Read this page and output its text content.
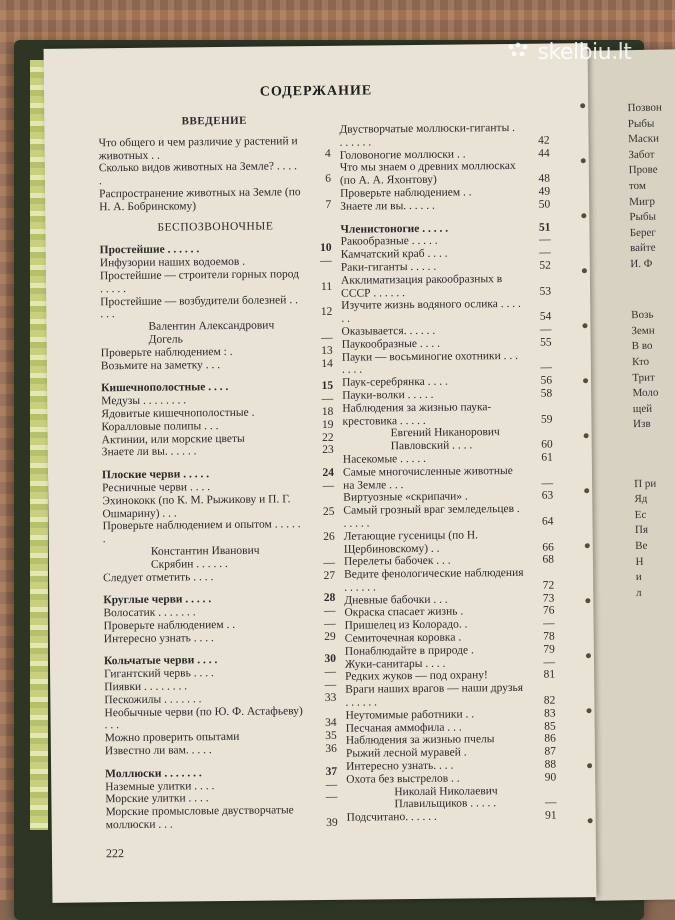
Позвон
Рыбы
Маски
Забот
Прове
том
Мигр
Рыбы
Берег
вайте
И. Ф
Возь
Земн
В во
Кто
Трит
Моло
щей
Изв
П ри
Яд
Ес
Пя
Ве
Н
и
л
СОДЕРЖАНИЕ
ВВЕДЕНИЕ
Что общего и чем различие у растений и животных . .	4
Сколько видов животных на Земле? . . . . .	6
Распространение животных на Земле (по Н. А. Бобринскому)	7
БЕСПОЗВОНОЧНЫЕ
Простейшие . . . . . .	10
Инфузории наших водоемов .	—
Простейшие — строители горных пород . . . . .	11
Простейшие — возбудители болезней . . . . .	12
Валентин Александрович Догель	—
Проверьте наблюдением : .	13
Возьмите на заметку . . .	14
Кишечнополостные . . . .	15
Медузы . . . . . . . .	—
Ядовитые кишечнополостные .	18
Коралловые полипы . . .	19
Актинии, или морские цветы	22
Знаете ли вы. . . . . .	23
Плоские черви . . . . .	24
Ресничные черви . . . .	—
Эхинококк (по К. М. Рыжикову и П. Г. Ошмарину) . . .	25
Проверьте наблюдением и опытом . . . . . .	26
Константин Иванович Скрябин . . . . . .	—
Следует отметить . . . .	27
Круглые черви . . . . .	28
Волосатик . . . . . . .	—
Проверьте наблюдением . .	—
Интересно узнать . . . .	29
Кольчатые черви . . . .	30
Гигантский червь . . . .	—
Пиявки . . . . . . . .	—
Пескожилы . . . . . . .	33
Необычные черви (по Ю. Ф. Астафьеву) . . .	34
Можно проверить опытами	35
Известно ли вам. . . . .	36
Моллюски . . . . . . .	37
Наземные улитки . . . .	—
Морские улитки . . . .	—
Морские промысловые двустворчатые моллюски . . .	39
Двустворчатые моллюски-гиганты . . . . . . .	42
Головоногие моллюски . .	44
Что мы знаем о древних моллюсках (по А. А. Яхонтову)	48
Проверьте наблюдением . .	49
Знаете ли вы. . . . . .	50
Членистоногие . . . . .	51
Ракообразные . . . . .	—
Камчатский краб . . . .	—
Раки-гиганты . . . . .	52
Акклиматизация ракообразных в СССР . . . . . .	53
Изучите жизнь водяного ослика . . . . . .	54
Оказывается. . . . . .	—
Паукообразные . . . .	55
Пауки — восьминогие охотники . . . . . . .	—
Паук-серебрянка . . . .	56
Пауки-волки . . . . .	58
Наблюдения за жизнью паука-крестовика . . . . .	59
Евгений Никанорович Павловский . . . .	60
Насекомые . . . . .	61
Самые многочисленные животные на Земле . . .	—
Виртуозные «скрипачи» .	63
Самый грозный враг земледельцев . . . . . .	64
Летающие гусеницы (по Н. Щербиновскому) . .	66
Перелеты бабочек . . .	68
Ведите фенологические наблюдения . . . . . .	72
Дневные бабочки . . .	73
Окраска спасает жизнь .	76
Пришелец из Колорадо. .	—
Семиточечная коровка .	78
Понаблюдайте в природе .	79
Жуки-санитары . . . .	—
Редких жуков — под охрану!	81
Враги наших врагов — наши друзья . . . . . .	82
Неутомимые работники . .	83
Песчаная аммофила . . .	85
Наблюдения за жизнью пчелы	86
Рыжий лесной муравей .	87
Интересно узнать. . . .	88
Охота без выстрелов . .	90
Николай Николаевич Плавильщиков . . . . .	—
Подсчитано. . . . . .	91
222
skelbiu.lt
